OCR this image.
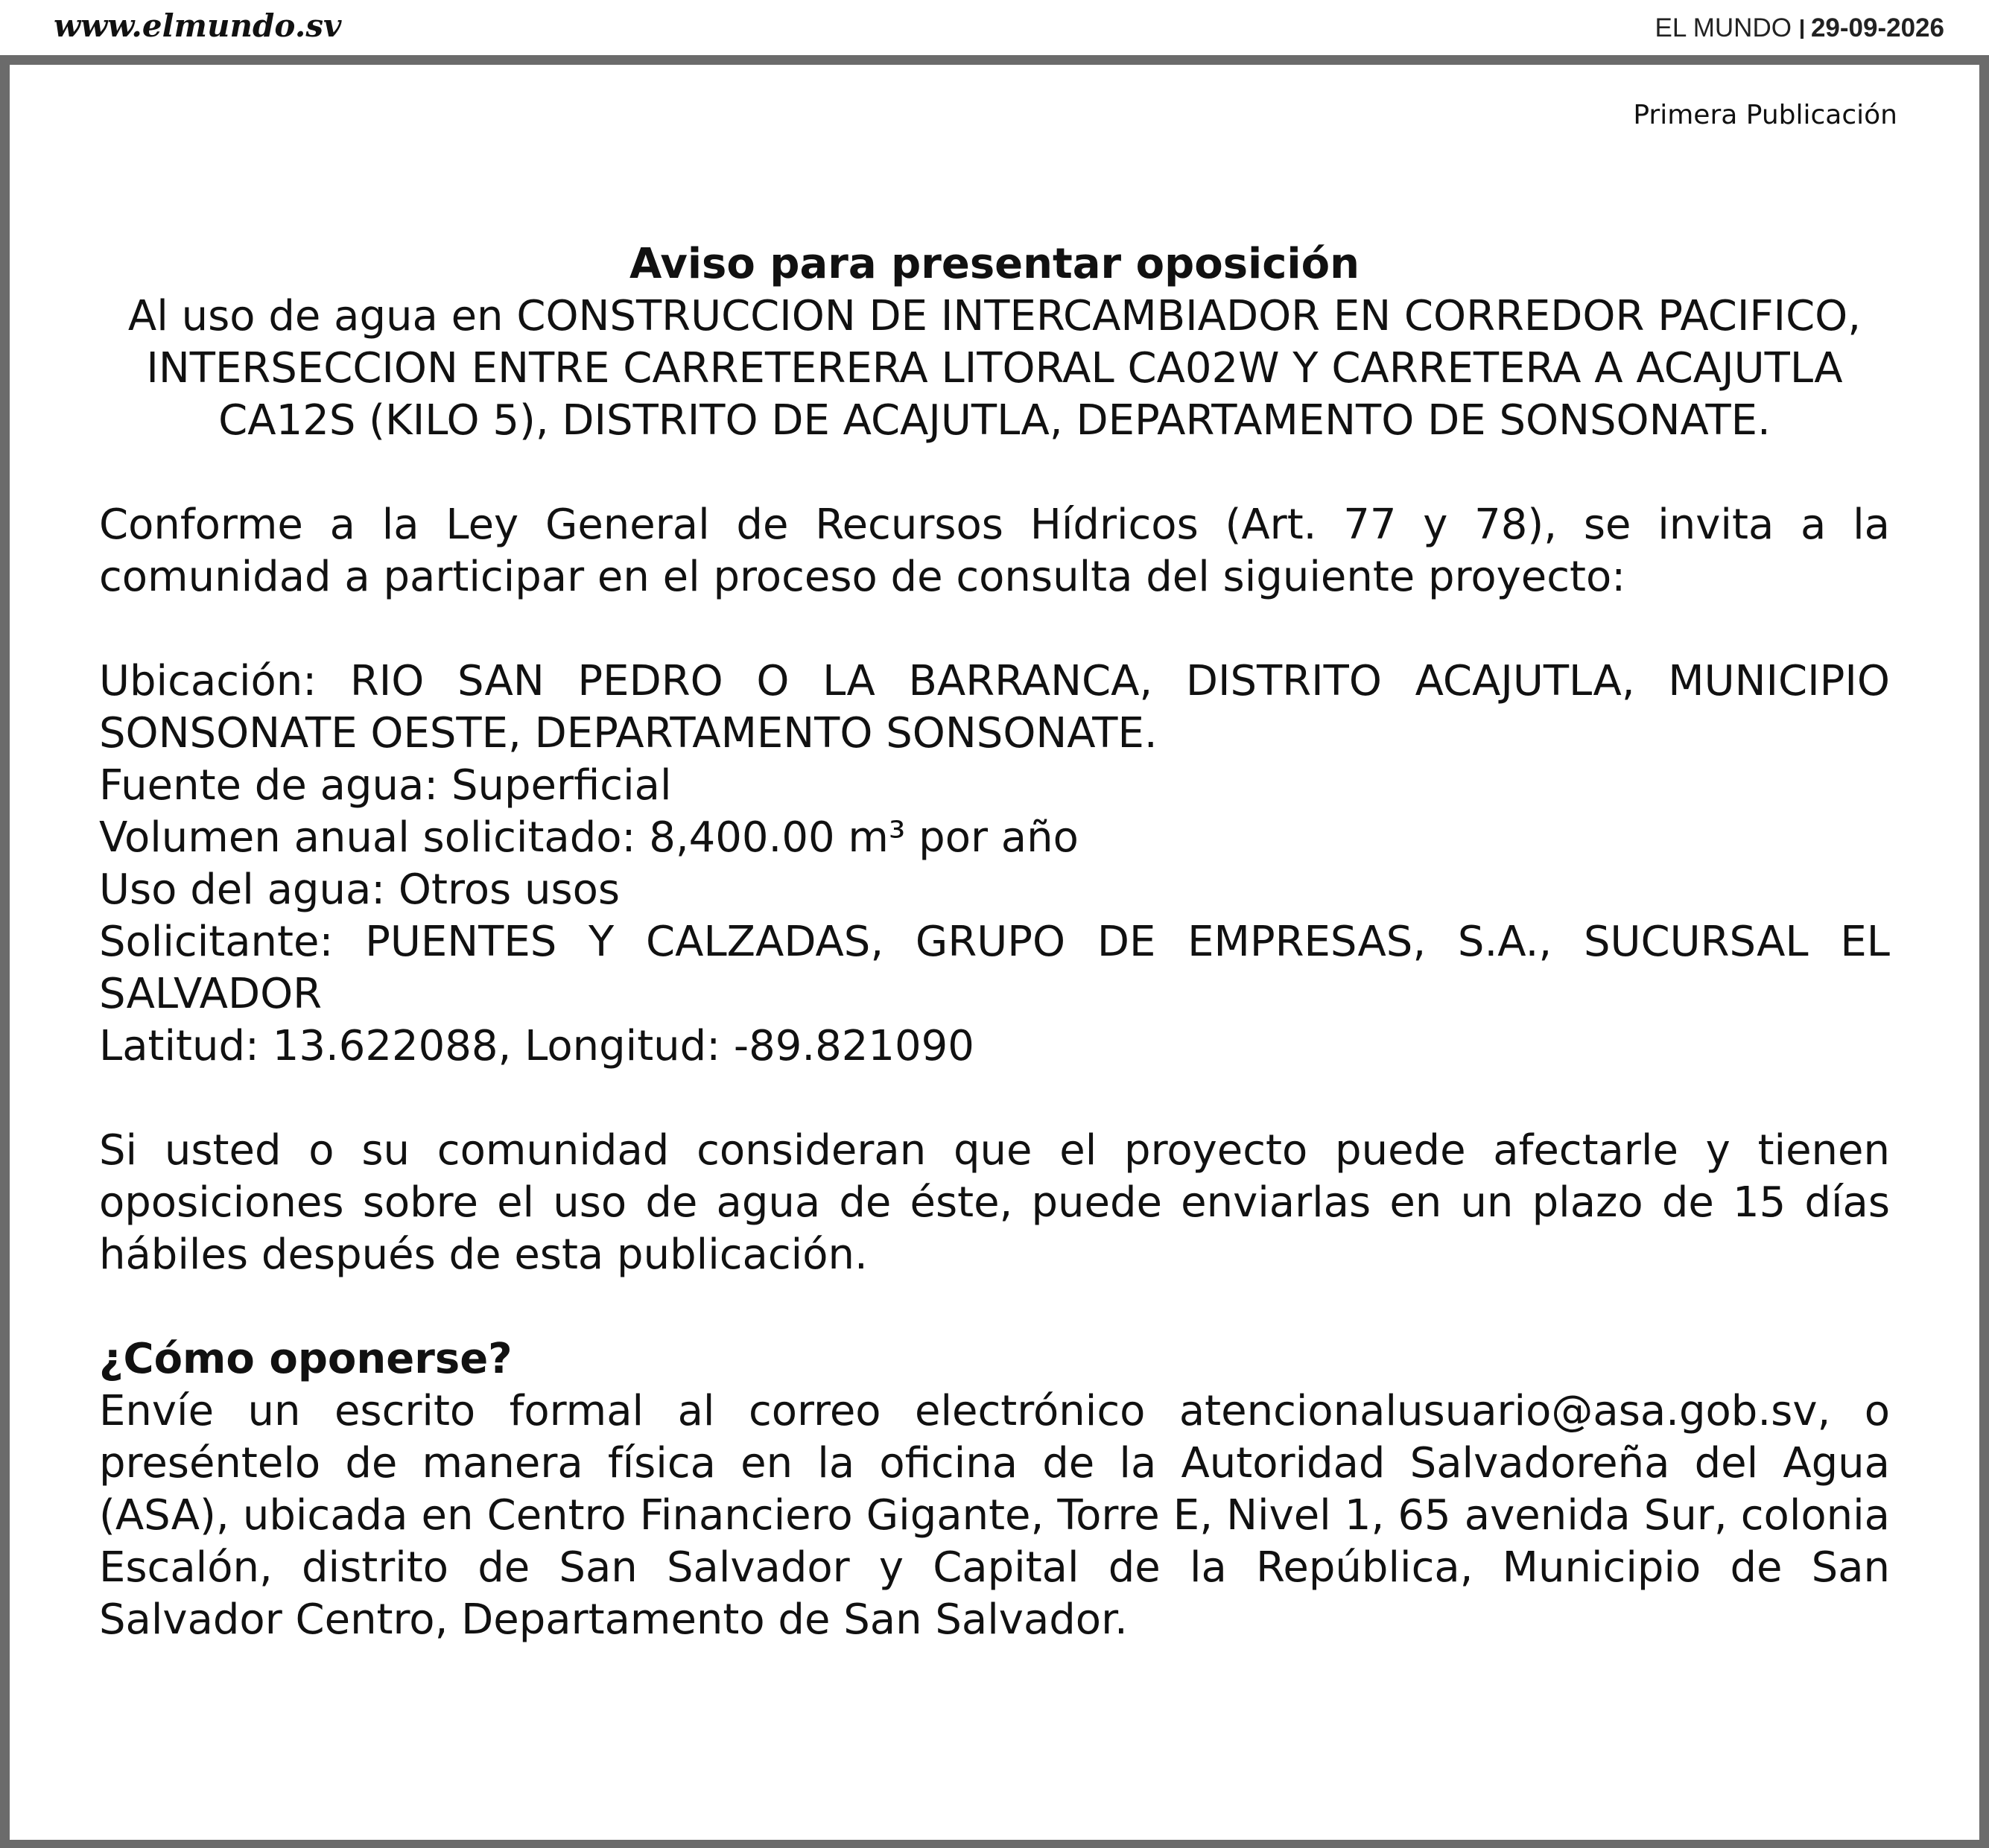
www.elmundo.sv	EL MUNDO 29-09-2026
Primera Publicación
Aviso para presentar oposición
Al uso de agua en CONSTRUCCION DE INTERCAMBIADOR EN CORREDOR PACIFICO, INTERSECCION ENTRE CARRETERERA LITORAL CA02W Y CARRETERA A ACAJUTLA CA12S (KILO 5), DISTRITO DE ACAJUTLA, DEPARTAMENTO DE SONSONATE.
Conforme a la Ley General de Recursos Hídricos (Art. 77 y 78), se invita a la comunidad a participar en el proceso de consulta del siguiente proyecto:
Ubicación: RIO SAN PEDRO O LA BARRANCA, DISTRITO ACAJUTLA, MUNICIPIO SONSONATE OESTE, DEPARTAMENTO SONSONATE.
Fuente de agua: Superficial
Volumen anual solicitado: 8,400.00 m³ por año
Uso del agua: Otros usos
Solicitante: PUENTES Y CALZADAS, GRUPO DE EMPRESAS, S.A., SUCURSAL EL SALVADOR
Latitud: 13.622088, Longitud: -89.821090
Si usted o su comunidad consideran que el proyecto puede afectarle y tienen oposiciones sobre el uso de agua de éste, puede enviarlas en un plazo de 15 días hábiles después de esta publicación.
¿Cómo oponerse?
Envíe un escrito formal al correo electrónico atencionalusuario@asa.gob.sv, o preséntelo de manera física en la oficina de la Autoridad Salvadoreña del Agua (ASA), ubicada en Centro Financiero Gigante, Torre E, Nivel 1, 65 avenida Sur, colonia Escalón, distrito de San Salvador y Capital de la República, Municipio de San Salvador Centro, Departamento de San Salvador.
